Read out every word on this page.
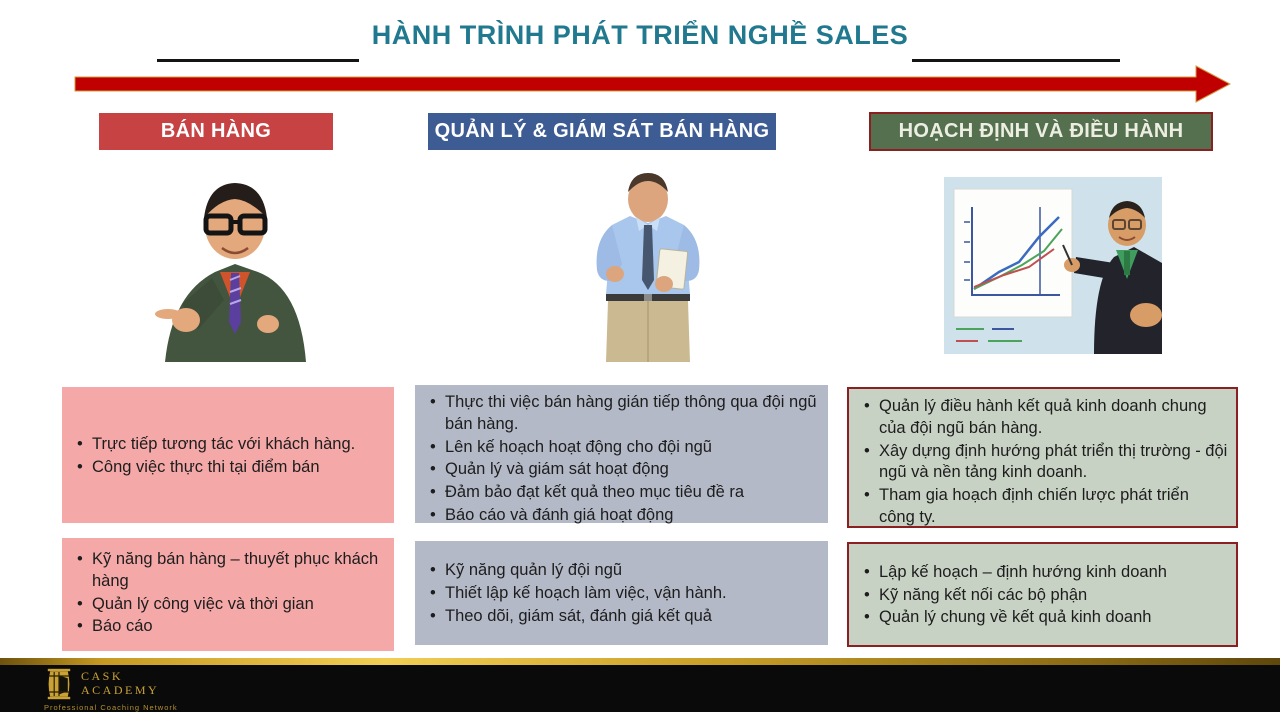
HÀNH TRÌNH PHÁT TRIỂN NGHỀ SALES
BÁN HÀNG	QUẢN LÝ & GIÁM SÁT BÁN HÀNG	HOẠCH ĐỊNH VÀ ĐIỀU HÀNH
• Trực tiếp tương tác với khách hàng.
• Công việc thực thi tại điểm bán
• Thực thi việc bán hàng gián tiếp thông qua đội ngũ bán hàng.
• Lên kế hoạch hoạt động cho đội ngũ
• Quản lý và giám sát hoạt động
• Đảm bảo đạt kết quả theo mục tiêu đề ra
• Báo cáo và đánh giá hoạt động
• Quản lý điều hành kết quả kinh doanh chung của đội ngũ bán hàng.
• Xây dựng định hướng phát triển thị trường - đội ngũ và nền tảng kinh doanh.
• Tham gia hoạch định chiến lược phát triển công ty.
• Kỹ năng bán hàng – thuyết phục khách hàng
• Quản lý công việc và thời gian
• Báo cáo
• Kỹ năng quản lý đội ngũ
• Thiết lập kế hoạch làm việc, vận hành.
• Theo dõi, giám sát, đánh giá kết quả
• Lập kế hoạch – định hướng kinh doanh
• Kỹ năng kết nối các bộ phận
• Quản lý chung về kết quả kinh doanh
CASK
ACADEMY
Professional Coaching Network
